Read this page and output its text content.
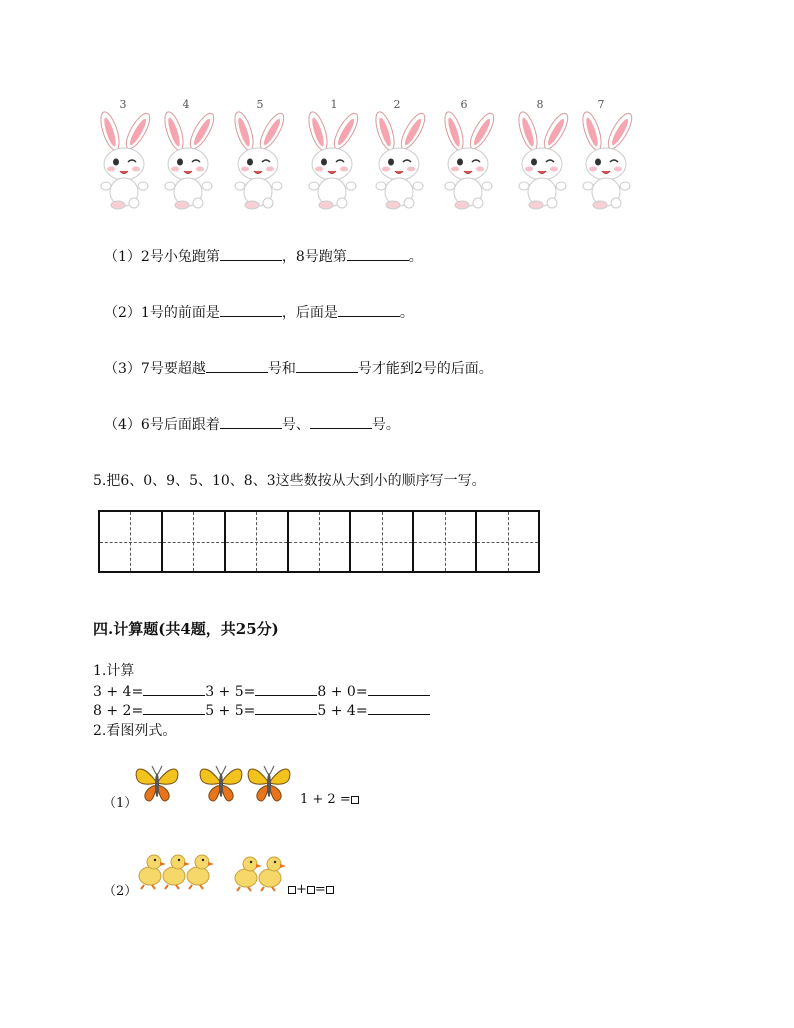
3	4	5	1	2	6	8	7
（1）2号小兔跑第	，8号跑第	。
（2）1号的前面是	，后面是	。
（3）7号要超越	号和	号才能到2号的后面。
（4）6号后面跟着	号、	号。
5.把6、0、9、5、10、8、3这些数按从大到小的顺序写一写。
四.计算题(共4题，共25分)
1.计算
3 + 4=	3 + 5=	8 + 0=
8 + 2=	5 + 5=	5 + 4=
2.看图列式。
（1）	1 + 2 =
（2）	+ =
